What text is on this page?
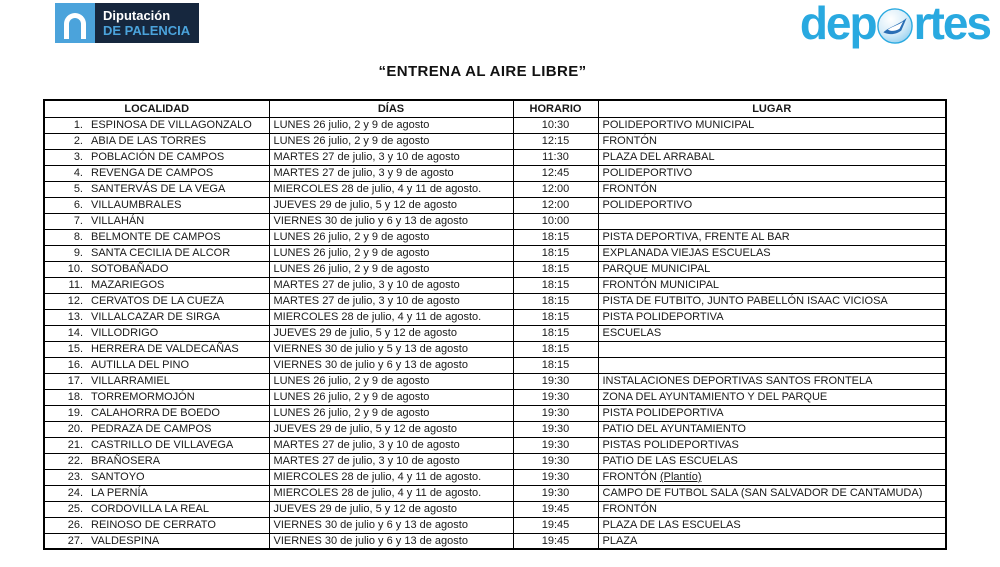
Diputación
DE PALENCIA	dep rtes
“ENTRENA AL AIRE LIBRE”
LOCALIDAD	DÍAS	HORARIO	LUGAR

1. ESPINOSA DE VILLAGONZALO	LUNES 26 julio, 2 y 9 de agosto	10:30	POLIDEPORTIVO MUNICIPAL

2. ABIA DE LAS TORRES	LUNES 26 julio, 2 y 9 de agosto	12:15	FRONTÓN

3. POBLACIÓN DE CAMPOS	MARTES 27 de julio, 3 y 10 de agosto	11:30	PLAZA DEL ARRABAL

4. REVENGA DE CAMPOS	MARTES 27 de julio, 3 y 9 de agosto	12:45	POLIDEPORTIVO

5. SANTERVÁS DE LA VEGA	MIERCOLES 28 de julio, 4 y 11 de agosto.	12:00	FRONTÓN

6. VILLAUMBRALES	JUEVES 29 de julio, 5 y 12 de agosto	12:00	POLIDEPORTIVO

7. VILLAHÁN	VIERNES 30 de julio y 6 y 13 de agosto	10:00	

8. BELMONTE DE CAMPOS	LUNES 26 julio, 2 y 9 de agosto	18:15	PISTA DEPORTIVA, FRENTE AL BAR

9. SANTA CECILIA DE ALCOR	LUNES 26 julio, 2 y 9 de agosto	18:15	EXPLANADA VIEJAS ESCUELAS

10. SOTOBAÑADO	LUNES 26 julio, 2 y 9 de agosto	18:15	PARQUE MUNICIPAL

11. MAZARIEGOS	MARTES 27 de julio, 3 y 10 de agosto	18:15	FRONTÓN MUNICIPAL

12. CERVATOS DE LA CUEZA	MARTES 27 de julio, 3 y 10 de agosto	18:15	PISTA DE FUTBITO, JUNTO PABELLÓN ISAAC VICIOSA

13. VILLALCAZAR DE SIRGA	MIERCOLES 28 de julio, 4 y 11 de agosto.	18:15	PISTA POLIDEPORTIVA

14. VILLODRIGO	JUEVES 29 de julio, 5 y 12 de agosto	18:15	ESCUELAS

15. HERRERA DE VALDECAÑAS	VIERNES 30 de julio y 5 y 13 de agosto	18:15	

16. AUTILLA DEL PINO	VIERNES 30 de julio y 6 y 13 de agosto	18:15	

17. VILLARRAMIEL	LUNES 26 julio, 2 y 9 de agosto	19:30	INSTALACIONES DEPORTIVAS SANTOS FRONTELA

18. TORREMORMOJÓN	LUNES 26 julio, 2 y 9 de agosto	19:30	ZONA DEL AYUNTAMIENTO Y DEL PARQUE

19. CALAHORRA DE BOEDO	LUNES 26 julio, 2 y 9 de agosto	19:30	PISTA POLIDEPORTIVA

20. PEDRAZA DE CAMPOS	JUEVES 29 de julio, 5 y 12 de agosto	19:30	PATIO DEL AYUNTAMIENTO

21. CASTRILLO DE VILLAVEGA	MARTES 27 de julio, 3 y 10 de agosto	19:30	PISTAS POLIDEPORTIVAS

22. BRAÑOSERA	MARTES 27 de julio, 3 y 10 de agosto	19:30	PATIO DE LAS ESCUELAS

23. SANTOYO	MIERCOLES 28 de julio, 4 y 11 de agosto.	19:30	FRONTÓN (Plantío)

24. LA PERNÍA	MIERCOLES 28 de julio, 4 y 11 de agosto.	19:30	CAMPO DE FUTBOL SALA (SAN SALVADOR DE CANTAMUDA)

25. CORDOVILLA LA REAL	JUEVES 29 de julio, 5 y 12 de agosto	19:45	FRONTÓN

26. REINOSO DE CERRATO	VIERNES 30 de julio y 6 y 13 de agosto	19:45	PLAZA DE LAS ESCUELAS

27. VALDESPINA	VIERNES 30 de julio y 6 y 13 de agosto	19:45	PLAZA
